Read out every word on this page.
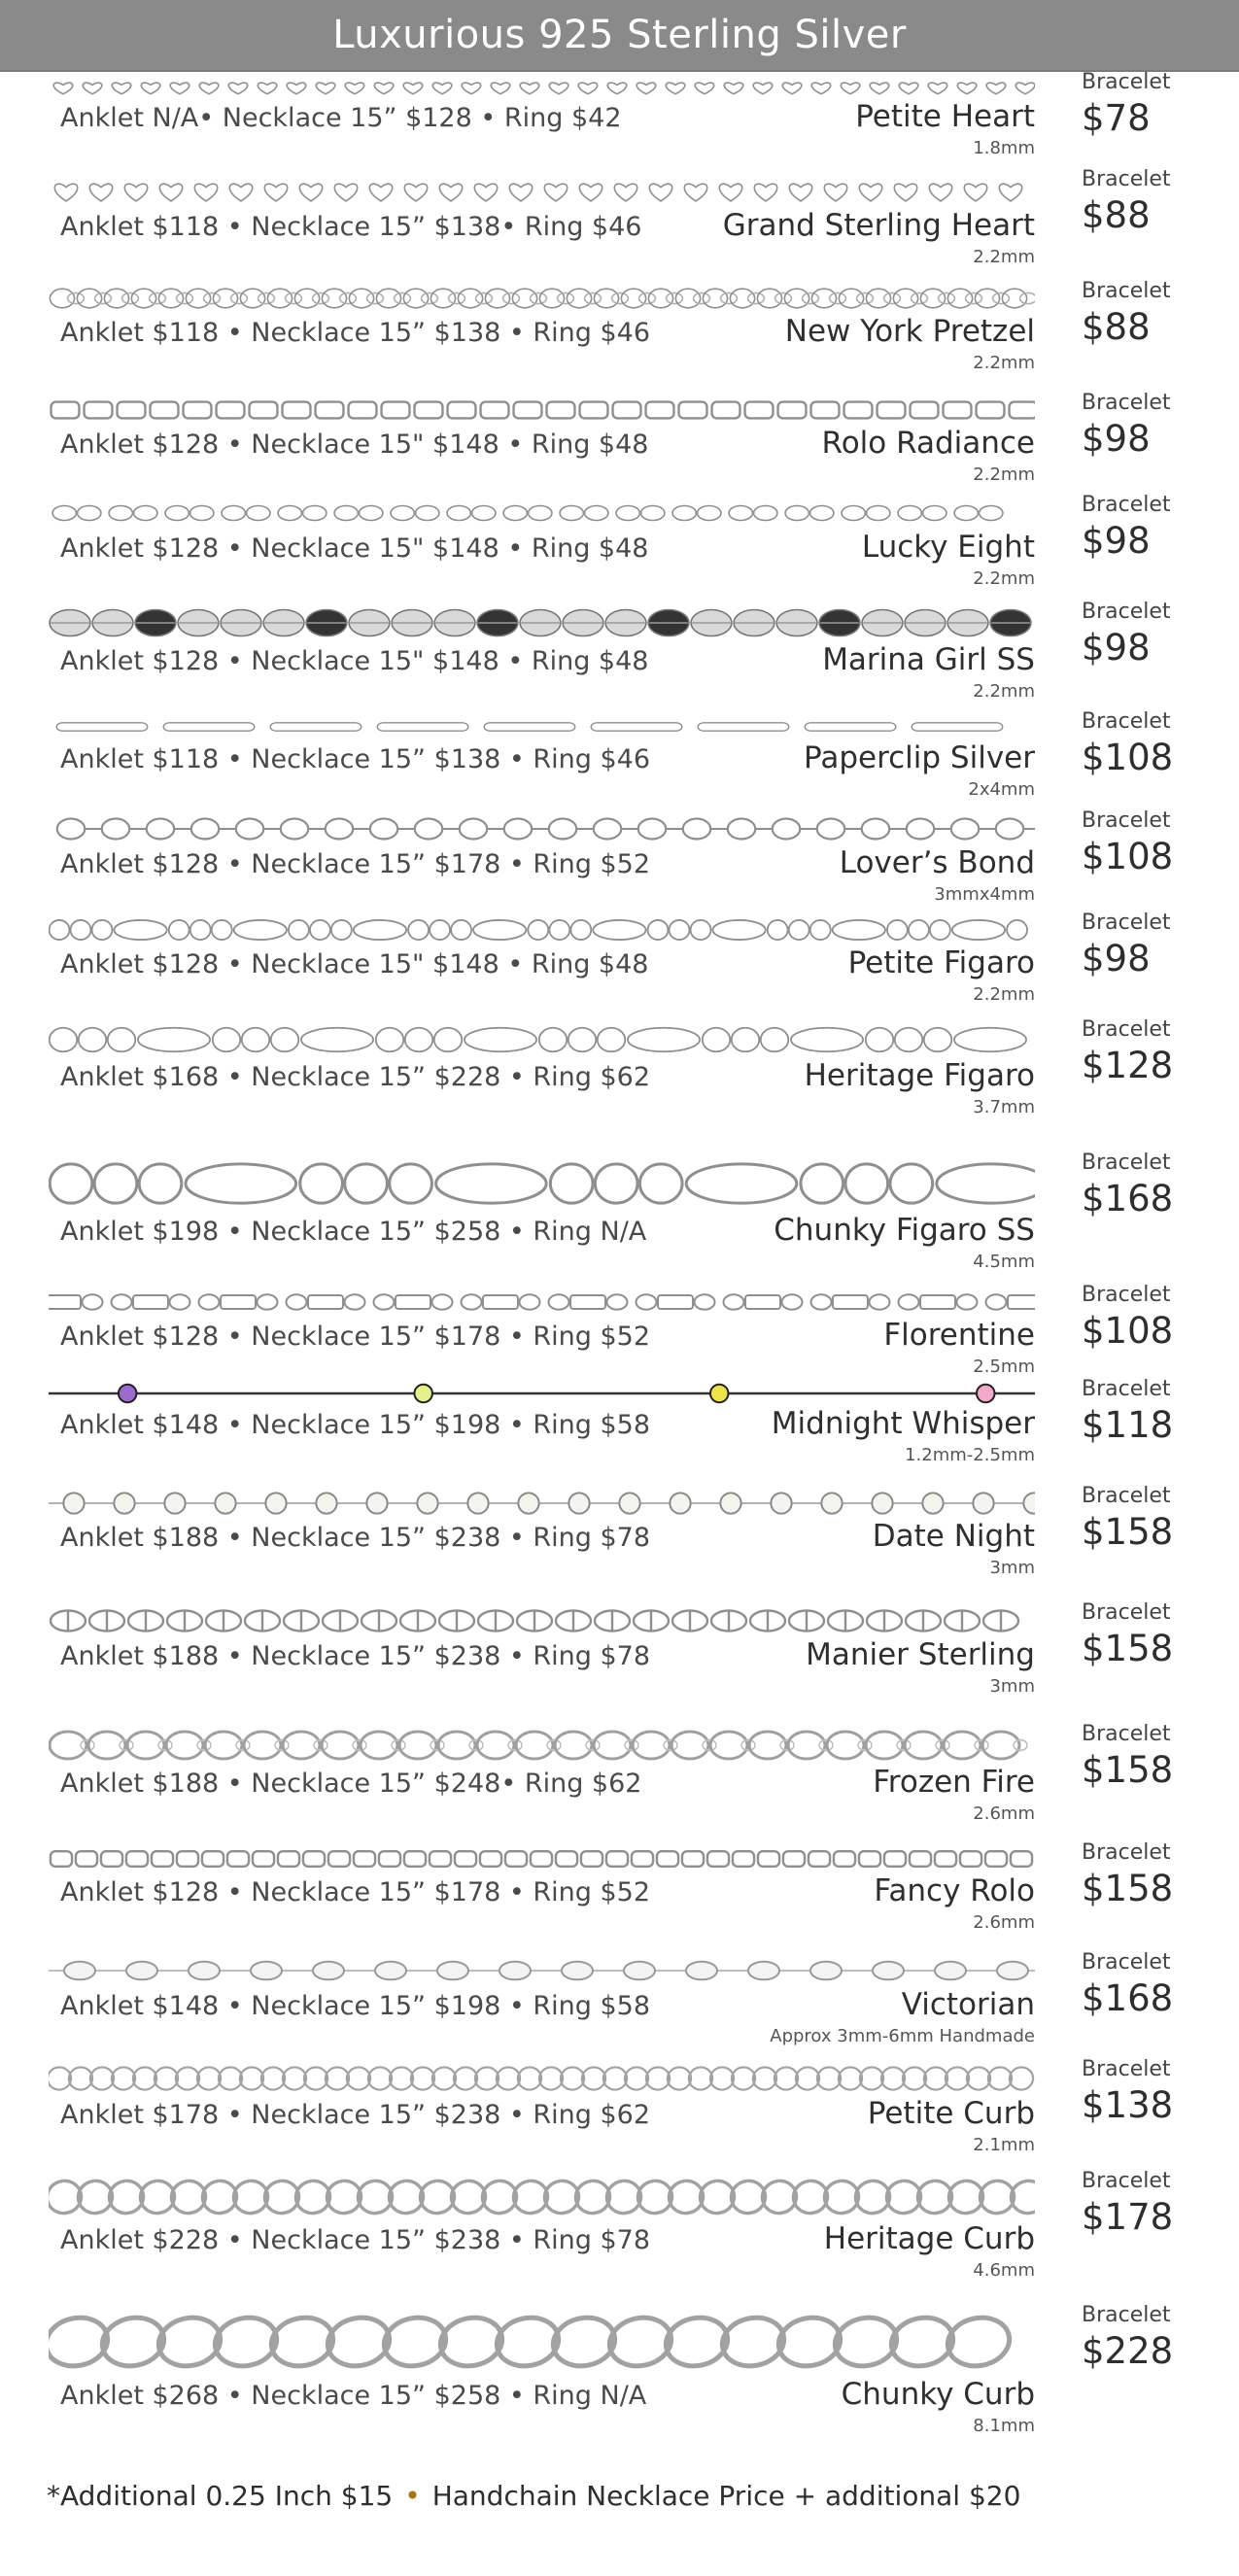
Luxurious 925 Sterling Silver
Anklet N/A• Necklace 15” $128 • Ring $42	Petite Heart
1.8mm
Bracelet
$78
Anklet $118 • Necklace 15” $138• Ring $46	Grand Sterling Heart
2.2mm
Bracelet
$88
Anklet $118 • Necklace 15” $138 • Ring $46	New York Pretzel
2.2mm
Bracelet
$88
Anklet $128 • Necklace 15" $148 • Ring $48	Rolo Radiance
2.2mm
Bracelet
$98
Anklet $128 • Necklace 15" $148 • Ring $48	Lucky Eight
2.2mm
Bracelet
$98
Anklet $128 • Necklace 15" $148 • Ring $48	Marina Girl SS
2.2mm
Bracelet
$98
Anklet $118 • Necklace 15” $138 • Ring $46	Paperclip Silver
2x4mm
Bracelet
$108
Anklet $128 • Necklace 15” $178 • Ring $52	Lover’s Bond
3mmx4mm
Bracelet
$108
Anklet $128 • Necklace 15" $148 • Ring $48	Petite Figaro
2.2mm
Bracelet
$98
Anklet $168 • Necklace 15” $228 • Ring $62	Heritage Figaro
3.7mm
Bracelet
$128
Anklet $198 • Necklace 15” $258 • Ring N/A	Chunky Figaro SS
4.5mm
Bracelet
$168
Anklet $128 • Necklace 15” $178 • Ring $52	Florentine
2.5mm
Bracelet
$108
Anklet $148 • Necklace 15” $198 • Ring $58	Midnight Whisper
1.2mm-2.5mm
Bracelet
$118
Anklet $188 • Necklace 15” $238 • Ring $78	Date Night
3mm
Bracelet
$158
Anklet $188 • Necklace 15” $238 • Ring $78	Manier Sterling
3mm
Bracelet
$158
Anklet $188 • Necklace 15” $248• Ring $62	Frozen Fire
2.6mm
Bracelet
$158
Anklet $128 • Necklace 15” $178 • Ring $52	Fancy Rolo
2.6mm
Bracelet
$158
Anklet $148 • Necklace 15” $198 • Ring $58	Victorian
Approx 3mm-6mm Handmade
Bracelet
$168
Anklet $178 • Necklace 15” $238 • Ring $62	Petite Curb
2.1mm
Bracelet
$138
Anklet $228 • Necklace 15” $238 • Ring $78	Heritage Curb
4.6mm
Bracelet
$178
Anklet $268 • Necklace 15” $258 • Ring N/A	Chunky Curb
8.1mm
Bracelet
$228
*Additional 0.25 Inch $15 • Handchain Necklace Price + additional $20
